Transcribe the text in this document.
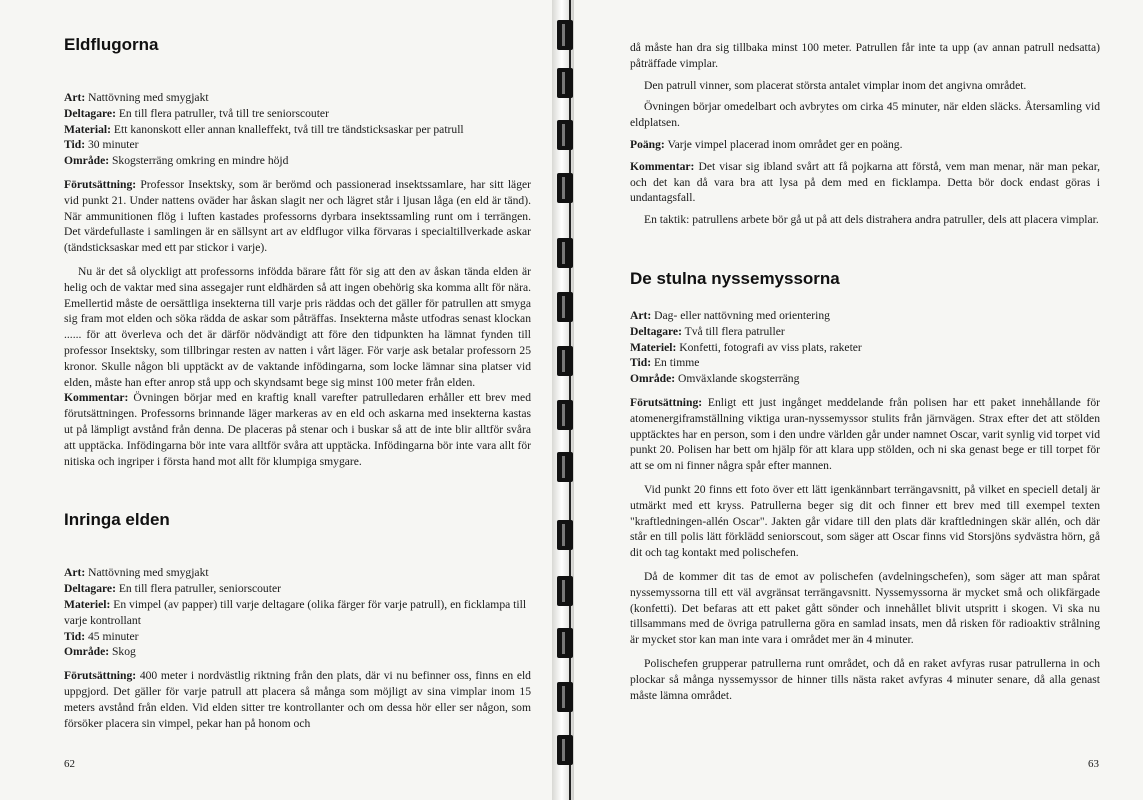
Eldflugorna

Art: Nattövning med smygjakt

Deltagare: En till flera patruller, två till tre seniorscouter

Material: Ett kanonskott eller annan knalleffekt, två till tre tändsticksaskar per patrull

Tid: 30 minuter

Område: Skogsterräng omkring en mindre höjd

Förutsättning: Professor Insektsky, som är berömd och passionerad insektssamlare, har sitt läger vid punkt 21. Under nattens oväder har åskan slagit ner och lägret står i ljusan låga (en eld är tänd). När ammunitionen flög i luften kastades professorns dyrbara insektssamling runt om i terrängen. Det värdefullaste i samlingen är en sällsynt art av eldflugor vilka förvaras i specialtillverkade askar (tändsticksaskar med ett par stickor i varje).

Nu är det så olyckligt att professorns infödda bärare fått för sig att den av åskan tända elden är helig och de vaktar med sina assegajer runt eldhärden så att ingen obehörig ska komma allt för nära. Emellertid måste de oersättliga insekterna till varje pris räddas och det gäller för patrullen att smyga sig fram mot elden och söka rädda de askar som påträffas. Insekterna måste utfodras senast klockan ...... för att överleva och det är därför nödvändigt att före den tidpunkten ha lämnat fynden till professor Insektsky, som tillbringar resten av natten i vårt läger. För varje ask betalar professorn 25 kronor. Skulle någon bli upptäckt av de vaktande infödingarna, som locke lämnar sina platser vid elden, måste han efter anrop stå upp och skyndsamt bege sig minst 100 meter från elden.

Kommentar: Övningen börjar med en kraftig knall varefter patrulledaren erhåller ett brev med förutsättningen. Professorns brinnande läger markeras av en eld och askarna med insekterna kastas ut på lämpligt avstånd från denna. De placeras på stenar och i buskar så att de inte blir alltför svåra att upptäcka. Infödingarna bör inte vara alltför svåra att upptäcka. Infödingarna bör inte vara allt för nitiska och ingriper i första hand mot allt för klumpiga smygare.

Inringa elden

Art: Nattövning med smygjakt

Deltagare: En till flera patruller, seniorscouter

Materiel: En vimpel (av papper) till varje deltagare (olika färger för varje patrull), en ficklampa till varje kontrollant

Tid: 45 minuter

Område: Skog

Förutsättning: 400 meter i nordvästlig riktning från den plats, där vi nu befinner oss, finns en eld uppgjord. Det gäller för varje patrull att placera så många som möjligt av sina vimplar inom 15 meters avstånd från elden. Vid elden sitter tre kontrollanter och om dessa hör eller ser någon, som försöker placera sin vimpel, pekar han på honom och

62

då måste han dra sig tillbaka minst 100 meter. Patrullen får inte ta upp (av annan patrull nedsatta) påträffade vimplar.

Den patrull vinner, som placerat största antalet vimplar inom det angivna området.

Övningen börjar omedelbart och avbrytes om cirka 45 minuter, när elden släcks. Återsamling vid eldplatsen.

Poäng: Varje vimpel placerad inom området ger en poäng.

Kommentar: Det visar sig ibland svårt att få pojkarna att förstå, vem man menar, när man pekar, och det kan då vara bra att lysa på dem med en ficklampa. Detta bör dock endast göras i undantagsfall.

En taktik: patrullens arbete bör gå ut på att dels distrahera andra patruller, dels att placera vimplar.

De stulna nyssemyssorna

Art: Dag- eller nattövning med orientering

Deltagare: Två till flera patruller

Materiel: Konfetti, fotografi av viss plats, raketer

Tid: En timme

Område: Omväxlande skogsterräng

Förutsättning: Enligt ett just ingånget meddelande från polisen har ett paket innehållande för atomenergiframställning viktiga uran-nyssemyssor stulits från järnvägen. Strax efter det att stölden upptäcktes har en person, som i den undre världen går under namnet Oscar, varit synlig vid torpet vid punkt 20. Polisen har bett om hjälp för att klara upp stölden, och ni ska genast bege er till torpet för att se om ni finner några spår efter mannen.

Vid punkt 20 finns ett foto över ett lätt igenkännbart terrängavsnitt, på vilket en speciell detalj är utmärkt med ett kryss. Patrullerna beger sig dit och finner ett brev med till exempel texten "kraftledningen-allén Oscar". Jakten går vidare till den plats där kraftledningen skär allén, och där står en till polis lätt förklädd seniorscout, som säger att Oscar finns vid Storsjöns sydvästra hörn, gå dit och tag kontakt med polischefen.

Då de kommer dit tas de emot av polischefen (avdelningschefen), som säger att man spårat nyssemyssorna till ett väl avgränsat terrängavsnitt. Nyssemyssorna är mycket små och olikfärgade (konfetti). Det befaras att ett paket gått sönder och innehållet blivit utspritt i skogen. Vi ska nu tillsammans med de övriga patrullerna göra en samlad insats, men då risken för radioaktiv strålning är mycket stor kan man inte vara i området mer än 4 minuter.

Polischefen grupperar patrullerna runt området, och då en raket avfyras rusar patrullerna in och plockar så många nyssemyssor de hinner tills nästa raket avfyras 4 minuter senare, då alla genast måste lämna området.

63
